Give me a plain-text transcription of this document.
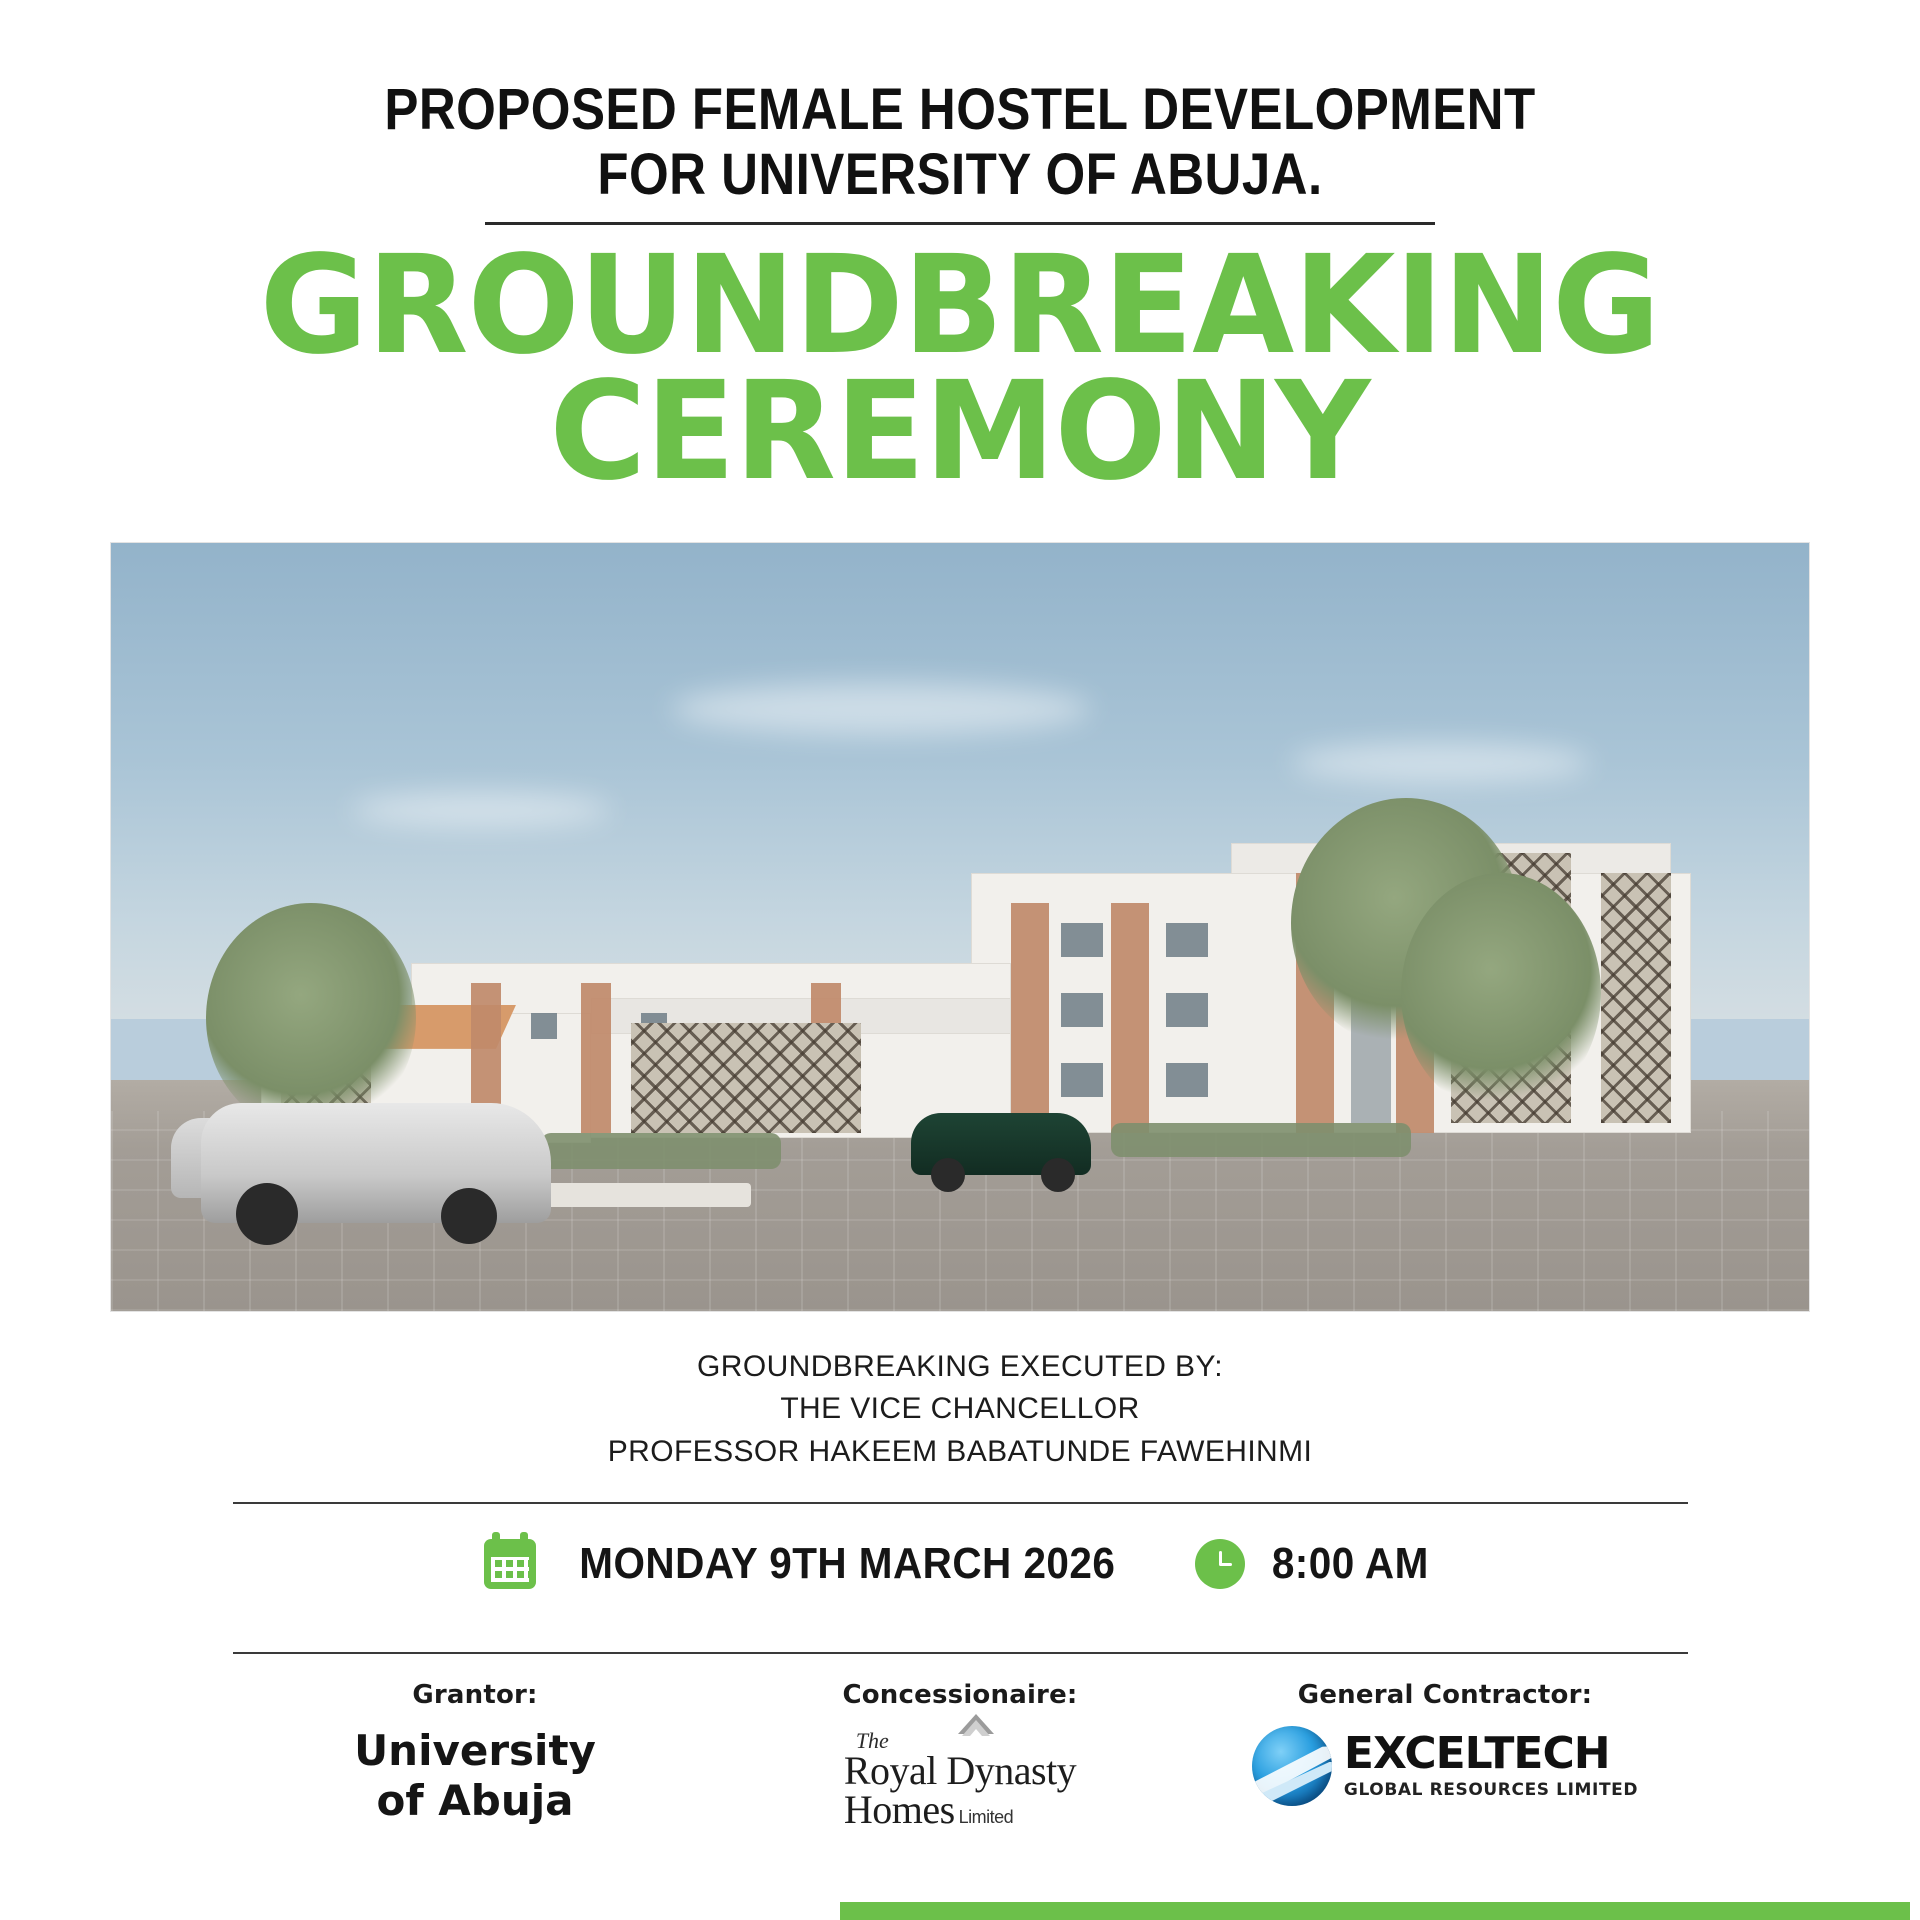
PROPOSED FEMALE HOSTEL DEVELOPMENT
FOR UNIVERSITY OF ABUJA.
GROUNDBREAKING
CEREMONY
GROUNDBREAKING EXECUTED BY:
THE VICE CHANCELLOR
PROFESSOR HAKEEM BABATUNDE FAWEHINMI
MONDAY 9TH MARCH 2026	8:00 AM
Grantor:
University
of Abuja
Concessionaire:
The
Royal Dynasty
Homes Limited
General Contractor:
EXCELTECH
GLOBAL RESOURCES LIMITED
